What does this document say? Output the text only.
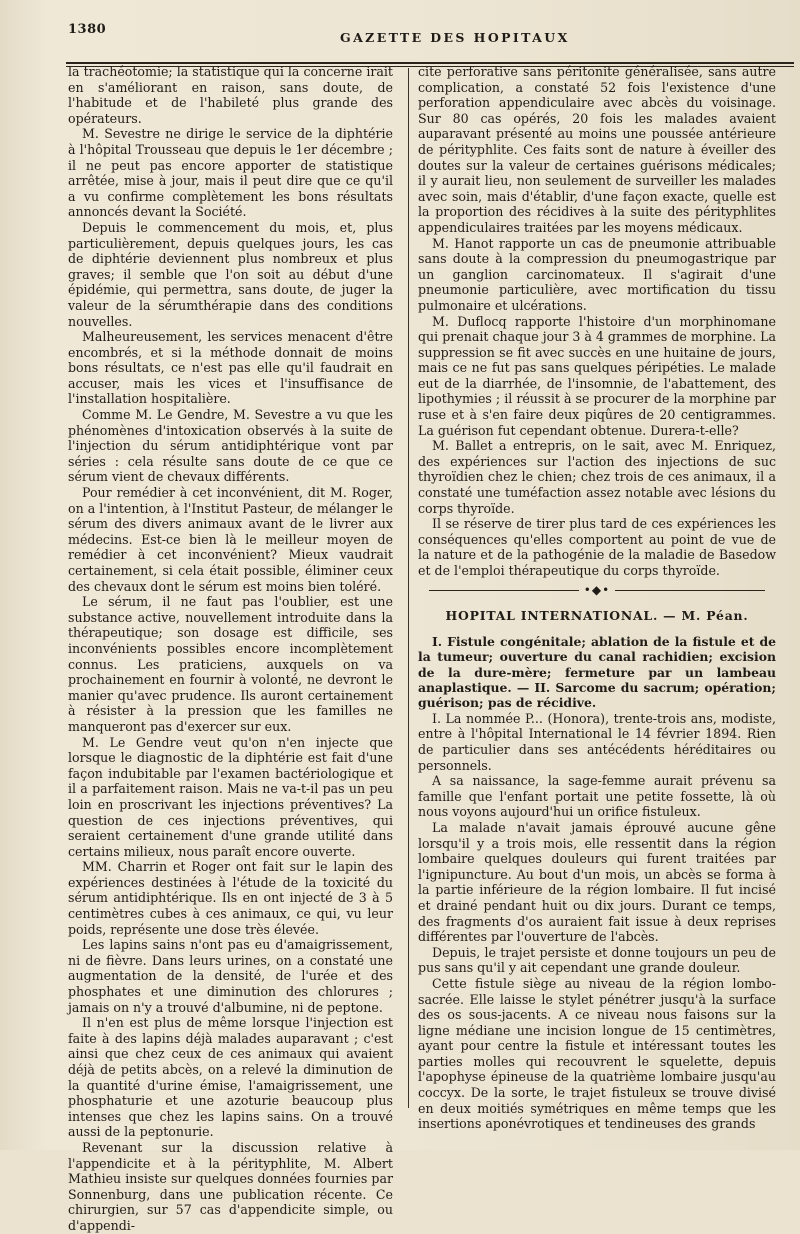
1380
GAZETTE DES HOPITAUX

la trachéotomie; la statistique qui la concerne irait en s'améliorant en raison, sans doute, de l'habitude et de l'habileté plus grande des opérateurs.

M. Sevestre ne dirige le service de la diphtérie à l'hôpital Trousseau que depuis le 1er décembre ; il ne peut pas encore apporter de statistique arrêtée, mise à jour, mais il peut dire que ce qu'il a vu confirme complètement les bons résultats annoncés devant la Société.

Depuis le commencement du mois, et, plus particulièrement, depuis quelques jours, les cas de diphtérie deviennent plus nombreux et plus graves; il semble que l'on soit au début d'une épidémie, qui permettra, sans doute, de juger la valeur de la sérumthérapie dans des conditions nouvelles.

Malheureusement, les services menacent d'être encombrés, et si la méthode donnait de moins bons résultats, ce n'est pas elle qu'il faudrait en accuser, mais les vices et l'insuffisance de l'installation hospitalière.

Comme M. Le Gendre, M. Sevestre a vu que les phénomènes d'intoxication observés à la suite de l'injection du sérum antidiphtérique vont par séries : cela résulte sans doute de ce que ce sérum vient de chevaux différents.

Pour remédier à cet inconvénient, dit M. Roger, on a l'intention, à l'Institut Pasteur, de mélanger le sérum des divers animaux avant de le livrer aux médecins. Est-ce bien là le meilleur moyen de remédier à cet inconvénient? Mieux vaudrait certainement, si cela était possible, éliminer ceux des chevaux dont le sérum est moins bien toléré.

Le sérum, il ne faut pas l'oublier, est une substance active, nouvellement introduite dans la thérapeutique; son dosage est difficile, ses inconvénients possibles encore incomplètement connus. Les praticiens, auxquels on va prochainement en fournir à volonté, ne devront le manier qu'avec prudence. Ils auront certainement à résister à la pression que les familles ne manqueront pas d'exercer sur eux.

M. Le Gendre veut qu'on n'en injecte que lorsque le diagnostic de la diphtérie est fait d'une façon indubitable par l'examen bactériologique et il a parfaitement raison. Mais ne va-t-il pas un peu loin en proscrivant les injections préventives? La question de ces injections préventives, qui seraient certainement d'une grande utilité dans certains milieux, nous paraît encore ouverte.

MM. Charrin et Roger ont fait sur le lapin des expériences destinées à l'étude de la toxicité du sérum antidiphtérique. Ils en ont injecté de 3 à 5 centimètres cubes à ces animaux, ce qui, vu leur poids, représente une dose très élevée.

Les lapins sains n'ont pas eu d'amaigrissement, ni de fièvre. Dans leurs urines, on a constaté une augmentation de la densité, de l'urée et des phosphates et une diminution des chlorures ; jamais on n'y a trouvé d'albumine, ni de peptone.

Il n'en est plus de même lorsque l'injection est faite à des lapins déjà malades auparavant ; c'est ainsi que chez ceux de ces animaux qui avaient déjà de petits abcès, on a relevé la diminution de la quantité d'urine émise, l'amaigrissement, une phosphaturie et une azoturie beaucoup plus intenses que chez les lapins sains. On a trouvé aussi de la peptonurie.

Revenant sur la discussion relative à l'appendicite et à la pérityphlite, M. Albert Mathieu insiste sur quelques données fournies par Sonnenburg, dans une publication récente. Ce chirurgien, sur 57 cas d'appendicite simple, ou d'appendi-

cite perforative sans péritonite généralisée, sans autre complication, a constaté 52 fois l'existence d'une perforation appendiculaire avec abcès du voisinage. Sur 80 cas opérés, 20 fois les malades avaient auparavant présenté au moins une poussée antérieure de pérityphlite. Ces faits sont de nature à éveiller des doutes sur la valeur de certaines guérisons médicales; il y aurait lieu, non seulement de surveiller les malades avec soin, mais d'établir, d'une façon exacte, quelle est la proportion des récidives à la suite des pérityphlites appendiculaires traitées par les moyens médicaux.

M. Hanot rapporte un cas de pneumonie attribuable sans doute à la compression du pneumogastrique par un ganglion carcinomateux. Il s'agirait d'une pneumonie particulière, avec mortification du tissu pulmonaire et ulcérations.

M. Duflocq rapporte l'histoire d'un morphinomane qui prenait chaque jour 3 à 4 grammes de morphine. La suppression se fit avec succès en une huitaine de jours, mais ce ne fut pas sans quelques péripéties. Le malade eut de la diarrhée, de l'insomnie, de l'abattement, des lipothymies ; il réussit à se procurer de la morphine par ruse et à s'en faire deux piqûres de 20 centigrammes. La guérison fut cependant obtenue. Durera-t-elle?

M. Ballet a entrepris, on le sait, avec M. Enriquez, des expériences sur l'action des injections de suc thyroïdien chez le chien; chez trois de ces animaux, il a constaté une tuméfaction assez notable avec lésions du corps thyroïde.

Il se réserve de tirer plus tard de ces expériences les conséquences qu'elles comportent au point de vue de la nature et de la pathogénie de la maladie de Basedow et de l'emploi thérapeutique du corps thyroïde.

•◆•
HOPITAL INTERNATIONAL. — M. Péan.

I. Fistule congénitale; ablation de la fistule et de la tumeur; ouverture du canal rachidien; excision de la dure-mère; fermeture par un lambeau anaplastique. — II. Sarcome du sacrum; opération; guérison; pas de récidive.

I. La nommée P... (Honora), trente-trois ans, modiste, entre à l'hôpital International le 14 février 1894. Rien de particulier dans ses antécédents héréditaires ou personnels.

A sa naissance, la sage-femme aurait prévenu sa famille que l'enfant portait une petite fossette, là où nous voyons aujourd'hui un orifice fistuleux.

La malade n'avait jamais éprouvé aucune gêne lorsqu'il y a trois mois, elle ressentit dans la région lombaire quelques douleurs qui furent traitées par l'ignipuncture. Au bout d'un mois, un abcès se forma à la partie inférieure de la région lombaire. Il fut incisé et drainé pendant huit ou dix jours. Durant ce temps, des fragments d'os auraient fait issue à deux reprises différentes par l'ouverture de l'abcès.

Depuis, le trajet persiste et donne toujours un peu de pus sans qu'il y ait cependant une grande douleur.

Cette fistule siège au niveau de la région lombo-sacrée. Elle laisse le stylet pénétrer jusqu'à la surface des os sous-jacents. A ce niveau nous faisons sur la ligne médiane une incision longue de 15 centimètres, ayant pour centre la fistule et intéressant toutes les parties molles qui recouvrent le squelette, depuis l'apophyse épineuse de la quatrième lombaire jusqu'au coccyx. De la sorte, le trajet fistuleux se trouve divisé en deux moitiés symétriques en même temps que les insertions aponévrotiques et tendineuses des grands
